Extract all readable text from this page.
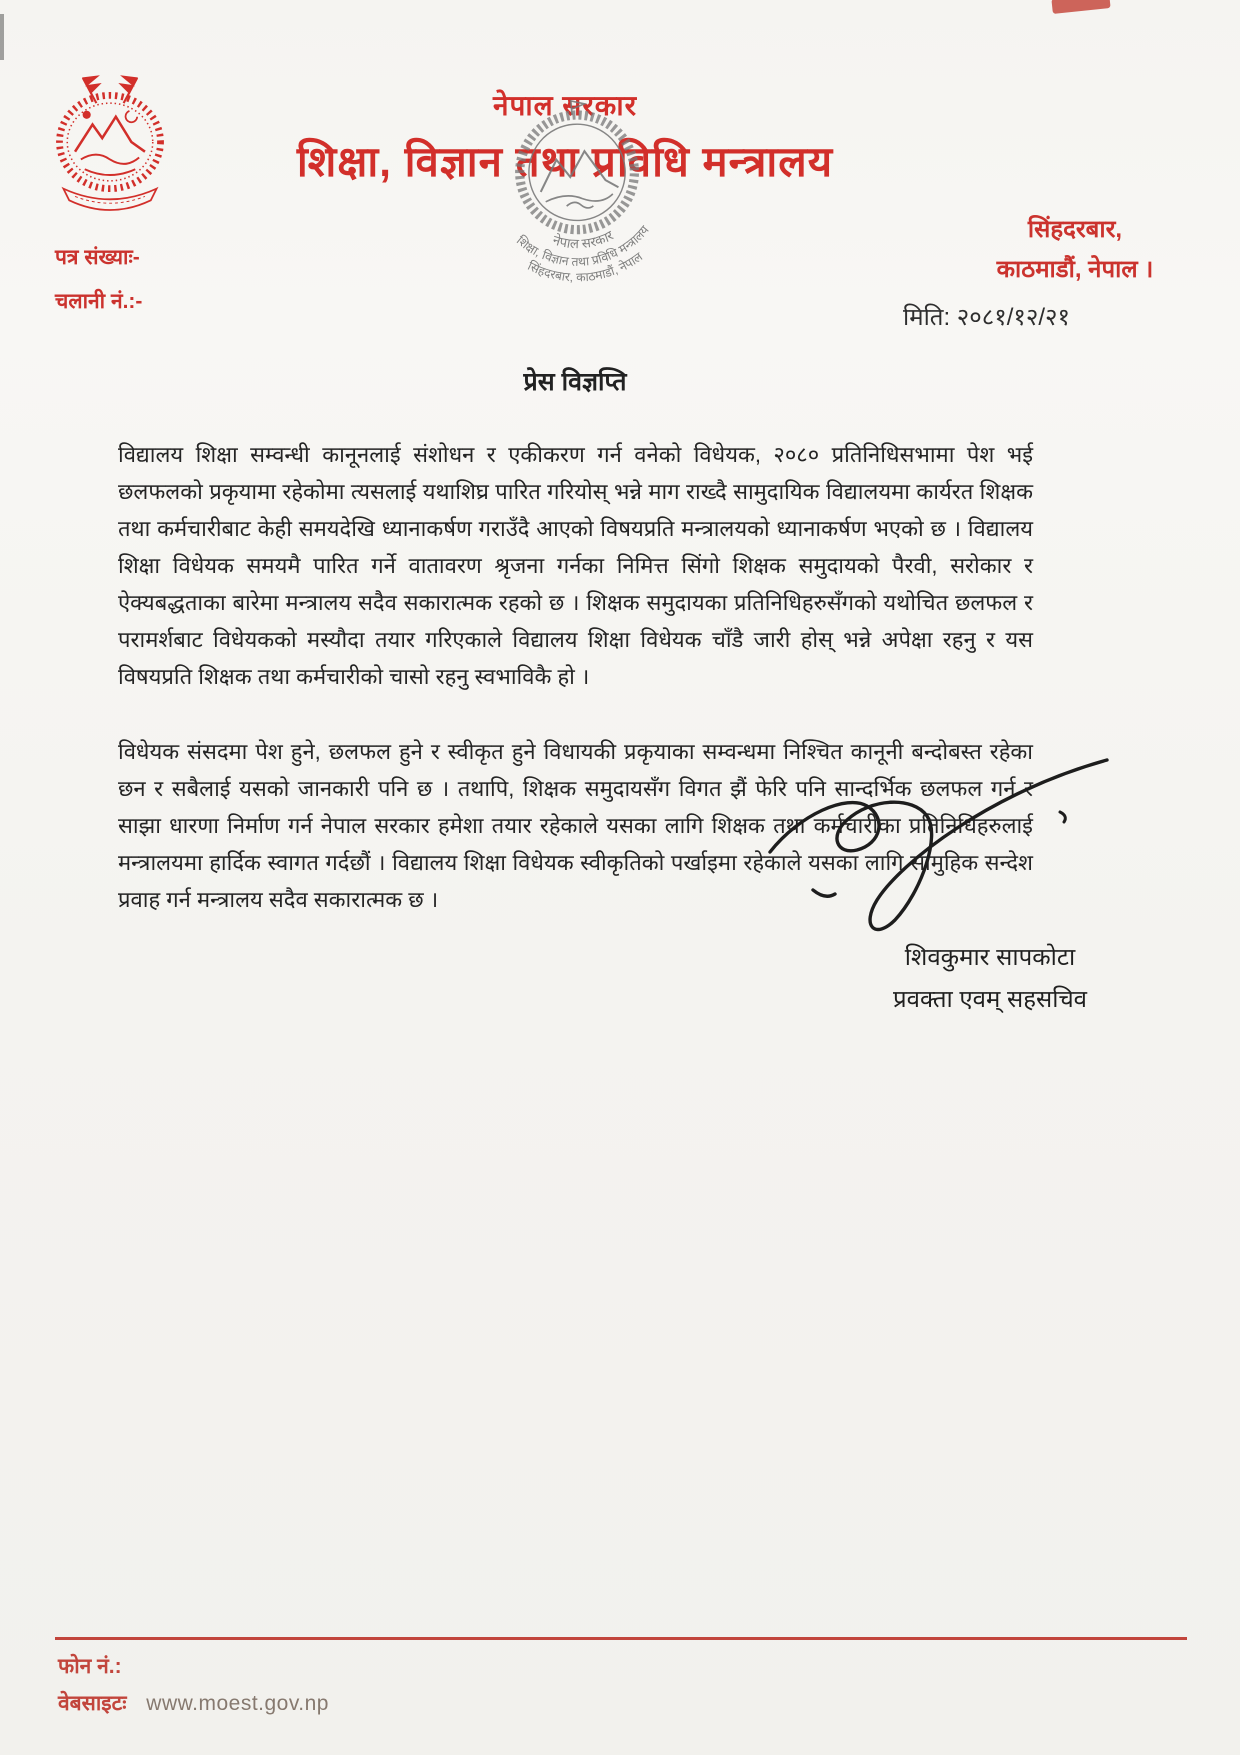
नेपाल सरकार
शिक्षा, विज्ञान तथा प्रविधि मन्त्रालय
नेपाल सरकार
शिक्षा, विज्ञान तथा प्रविधि मन्त्रालय
सिंहदरबार, काठमाडौं, नेपाल
पत्र संख्याः-
चलानी नं.:-
सिंहदरबार,
काठमाडौं, नेपाल ।
मिति: २०८१/१२/२१
प्रेस विज्ञप्ति
विद्यालय शिक्षा सम्वन्धी कानूनलाई संशोधन र एकीकरण गर्न वनेको विधेयक, २०८० प्रतिनिधिसभामा पेश भई छलफलको प्रकृयामा रहेकोमा त्यसलाई यथाशिघ्र पारित गरियोस् भन्ने माग राख्दै सामुदायिक विद्यालयमा कार्यरत शिक्षक तथा कर्मचारीबाट केही समयदेखि ध्यानाकर्षण गराउँदै आएको विषयप्रति मन्त्रालयको ध्यानाकर्षण भएको छ । विद्यालय शिक्षा विधेयक समयमै पारित गर्ने वातावरण श्रृजना गर्नका निमित्त सिंगो शिक्षक समुदायको पैरवी, सरोकार र ऐक्यबद्धताका बारेमा मन्त्रालय सदैव सकारात्मक रहको छ । शिक्षक समुदायका प्रतिनिधिहरुसँगको यथोचित छलफल र परामर्शबाट विधेयकको मस्यौदा तयार गरिएकाले विद्यालय शिक्षा विधेयक चाँडै जारी होस् भन्ने अपेक्षा रहनु र यस विषयप्रति शिक्षक तथा कर्मचारीको चासो रहनु स्वभाविकै हो ।
विधेयक संसदमा पेश हुने, छलफल हुने र स्वीकृत हुने विधायकी प्रकृयाका सम्वन्धमा निश्चित कानूनी बन्दोबस्त रहेका छन र सबैलाई यसको जानकारी पनि छ । तथापि, शिक्षक समुदायसँग विगत झैं फेरि पनि सान्दर्भिक छलफल गर्न र साझा धारणा निर्माण गर्न नेपाल सरकार हमेशा तयार रहेकाले यसका लागि शिक्षक तथा कर्मचारीका प्रतिनिधिहरुलाई मन्त्रालयमा हार्दिक स्वागत गर्दछौं । विद्यालय शिक्षा विधेयक स्वीकृतिको पर्खाइमा रहेकाले यसका लागि सामुहिक सन्देश प्रवाह गर्न मन्त्रालय सदैव सकारात्मक छ ।
शिवकुमार सापकोटा
प्रवक्ता एवम् सहसचिव
फोन नं.:
वेबसाइटः www.moest.gov.np
